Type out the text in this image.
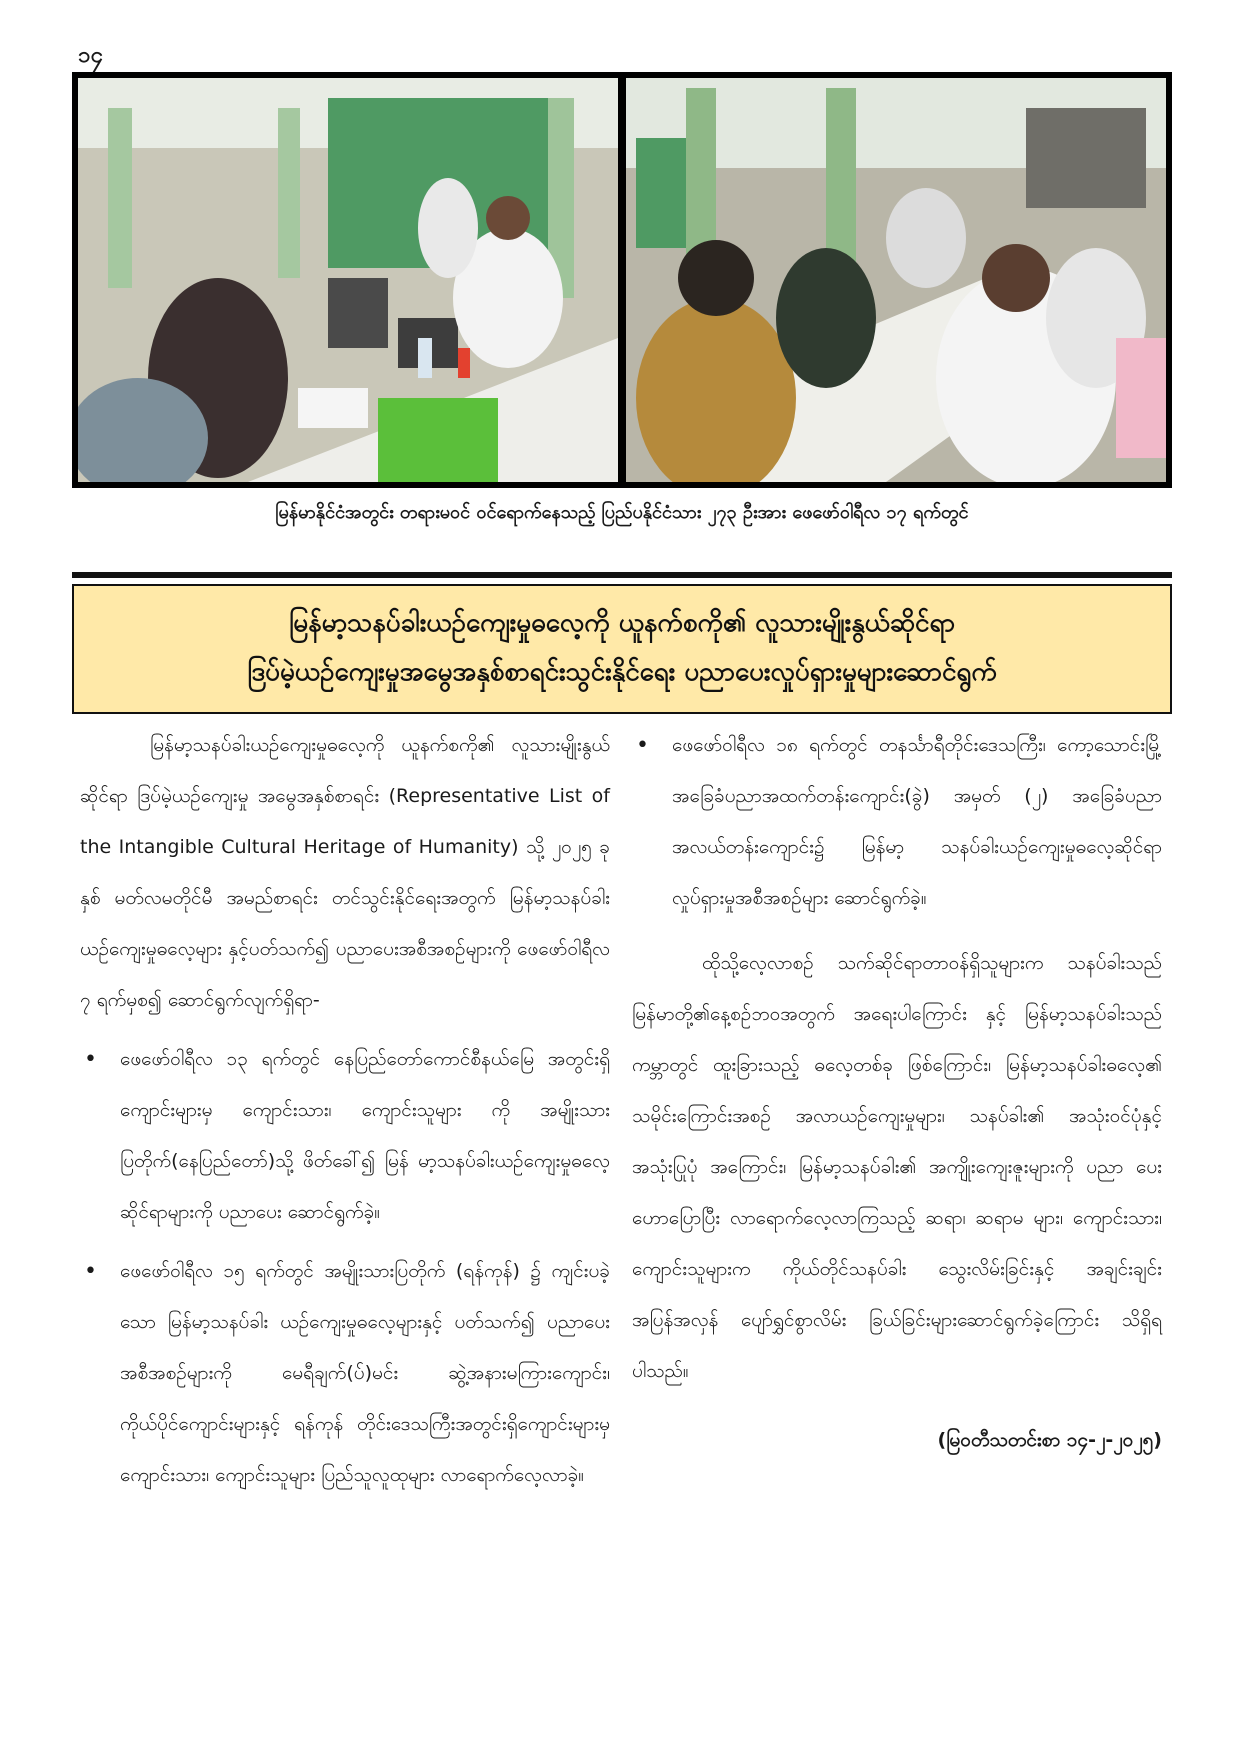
၁၄
မြန်မာနိုင်ငံအတွင်း တရားမဝင် ဝင်ရောက်နေသည့် ပြည်ပနိုင်ငံသား ၂၇၃ ဦးအား ဖေဖော်ဝါရီလ ၁၇ ရက်တွင်
မြန်မာ့သနပ်ခါးယဉ်ကျေးမှုဓလေ့ကို ယူနက်စကို၏ လူသားမျိုးနွယ်ဆိုင်ရာ
ဒြပ်မဲ့ယဉ်ကျေးမှုအမွေအနှစ်စာရင်းသွင်းနိုင်ရေး ပညာပေးလှုပ်ရှားမှုများဆောင်ရွက်

မြန်မာ့သနပ်ခါးယဉ်ကျေးမှုဓလေ့ကို ယူနက်စကို၏ လူသားမျိုးနွယ်ဆိုင်ရာ ဒြပ်မဲ့ယဉ်ကျေးမှု အမွေအနှစ်စာရင်း (Representative List of the Intangible Cultural Heritage of Humanity) သို့ ၂၀၂၅ ခုနှစ် မတ်လမတိုင်မီ အမည်စာရင်း တင်သွင်းနိုင်ရေးအတွက် မြန်မာ့သနပ်ခါးယဉ်ကျေးမှုဓလေ့များ နှင့်ပတ်သက်၍ ပညာပေးအစီအစဉ်များကို ဖေဖော်ဝါရီလ ၇ ရက်မှစ၍ ဆောင်ရွက်လျက်ရှိရာ-

• ဖေဖော်ဝါရီလ ၁၃ ရက်တွင် နေပြည်တော်ကောင်စီနယ်မြေ အတွင်းရှိ ကျောင်းများမှ ကျောင်းသား၊ ကျောင်းသူများ ကို အမျိုးသားပြတိုက်(နေပြည်တော်)သို့ ဖိတ်ခေါ်၍ မြန် မာ့သနပ်ခါးယဉ်ကျေးမှုဓလေ့ဆိုင်ရာများကို ပညာပေး ဆောင်ရွက်ခဲ့။
• ဖေဖော်ဝါရီလ ၁၅ ရက်တွင် အမျိုးသားပြတိုက် (ရန်ကုန်) ၌ ကျင်းပခဲ့သော မြန်မာ့သနပ်ခါး ယဉ်ကျေးမှုဓလေ့များနှင့် ပတ်သက်၍ ပညာပေးအစီအစဉ်များကို မေရီချက်(ပ်)မင်း ဆွဲ့အနားမကြားကျောင်း၊ ကိုယ်ပိုင်ကျောင်းများနှင့် ရန်ကုန် တိုင်းဒေသကြီးအတွင်းရှိကျောင်းများမှ ကျောင်းသား၊ ကျောင်းသူများ ပြည်သူလူထုများ လာရောက်လေ့လာခဲ့။
• ဖေဖော်ဝါရီလ ၁၈ ရက်တွင် တနင်္သာရီတိုင်းဒေသကြီး၊ ကော့သောင်းမြို့ အခြေခံပညာအထက်တန်းကျောင်း(ခွဲ) အမှတ် (၂) အခြေခံပညာအလယ်တန်းကျောင်း၌ မြန်မာ့ သနပ်ခါးယဉ်ကျေးမှုဓလေ့ဆိုင်ရာ လှုပ်ရှားမှုအစီအစဉ်များ ဆောင်ရွက်ခဲ့။

ထိုသို့လေ့လာစဉ် သက်ဆိုင်ရာတာဝန်ရှိသူများက သနပ်ခါးသည် မြန်မာတို့၏နေ့စဉ်ဘဝအတွက် အရေးပါကြောင်း နှင့် မြန်မာ့သနပ်ခါးသည် ကမ္ဘာတွင် ထူးခြားသည့် ဓလေ့တစ်ခု ဖြစ်ကြောင်း၊ မြန်မာ့သနပ်ခါးဓလေ့၏ သမိုင်းကြောင်းအစဉ် အလာယဉ်ကျေးမှုများ၊ သနပ်ခါး၏ အသုံးဝင်ပုံနှင့် အသုံးပြုပုံ အကြောင်း၊ မြန်မာ့သနပ်ခါး၏ အကျိုးကျေးဇူးများကို ပညာ ပေးဟောပြောပြီး လာရောက်လေ့လာကြသည့် ဆရာ၊ ဆရာမ များ၊ ကျောင်းသား၊ ကျောင်းသူများက ကိုယ်တိုင်သနပ်ခါး သွေးလိမ်းခြင်းနှင့် အချင်းချင်းအပြန်အလှန် ပျော်ရွှင်စွာလိမ်း ခြယ်ခြင်းများဆောင်ရွက်ခဲ့ကြောင်း သိရှိရပါသည်။

(မြဝတီသတင်းစာ ၁၄-၂-၂၀၂၅)
